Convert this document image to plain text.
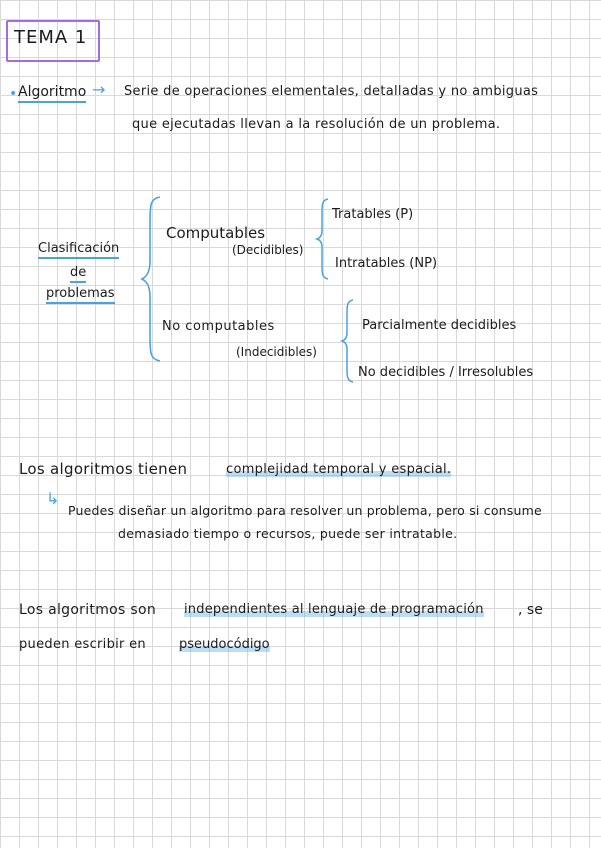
TEMA 1
• Algoritmo → Serie de operaciones elementales, detalladas y no ambiguas
que ejecutadas llevan a la resolución de un problema.
Clasificación
de
problemas
Computables
(Decidibles)
Tratables (P)
Intratables (NP)
No computables
(Indecidibles)
Parcialmente decidibles
No decidibles / Irresolubles
Los algoritmos tienen	complejidad temporal y espacial.
↳
Puedes diseñar un algoritmo para resolver un problema, pero si consume
demasiado tiempo o recursos, puede ser intratable.
Los algoritmos son independientes al lenguaje de programación , se
pueden escribir en	pseudocódigo
